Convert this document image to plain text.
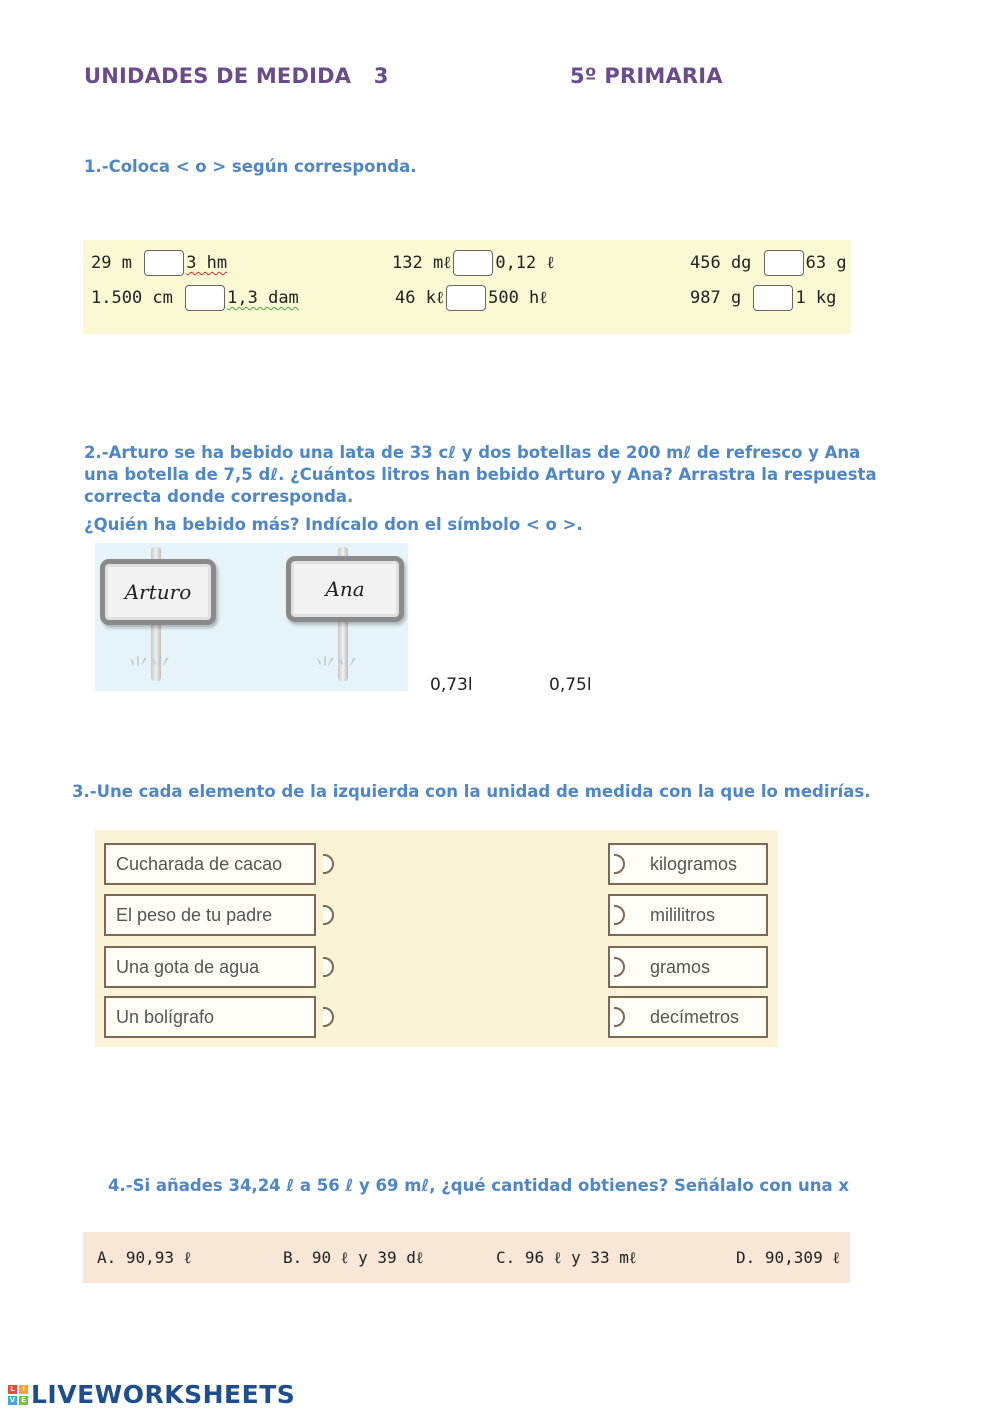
UNIDADES DE MEDIDA   3	5º PRIMARIA
1.-Coloca < o > según corresponda.
29 m	3 hm	132 mℓ	0,12 ℓ	456 dg	63 g
1.500 cm	1,3 dam	46 kℓ	500 hℓ	987 g	1 kg
2.-Arturo se ha bebido una lata de 33 cℓ y dos botellas de 200 mℓ de refresco y Ana
una botella de 7,5 dℓ. ¿Cuántos litros han bebido Arturo y Ana? Arrastra la respuesta
correcta donde corresponda.
¿Quién ha bebido más? Indícalo don el símbolo < o >.
⺌⺌
Arturo
⺌⺌
Ana
0,73l	0,75l
3.-Une cada elemento de la izquierda con la unidad de medida con la que lo medirías.
Cucharada de cacao
El peso de tu padre
Una gota de agua
Un bolígrafo
kilogramos
mililitros
gramos
decímetros
4.-Si añades 34,24 ℓ a 56 ℓ y 69 mℓ, ¿qué cantidad obtienes? Señálalo con una x
A. 90,93 ℓ	B. 90 ℓ y 39 dℓ	C. 96 ℓ y 33 mℓ	D. 90,309 ℓ
L	I
V E LIVEWORKSHEETS
